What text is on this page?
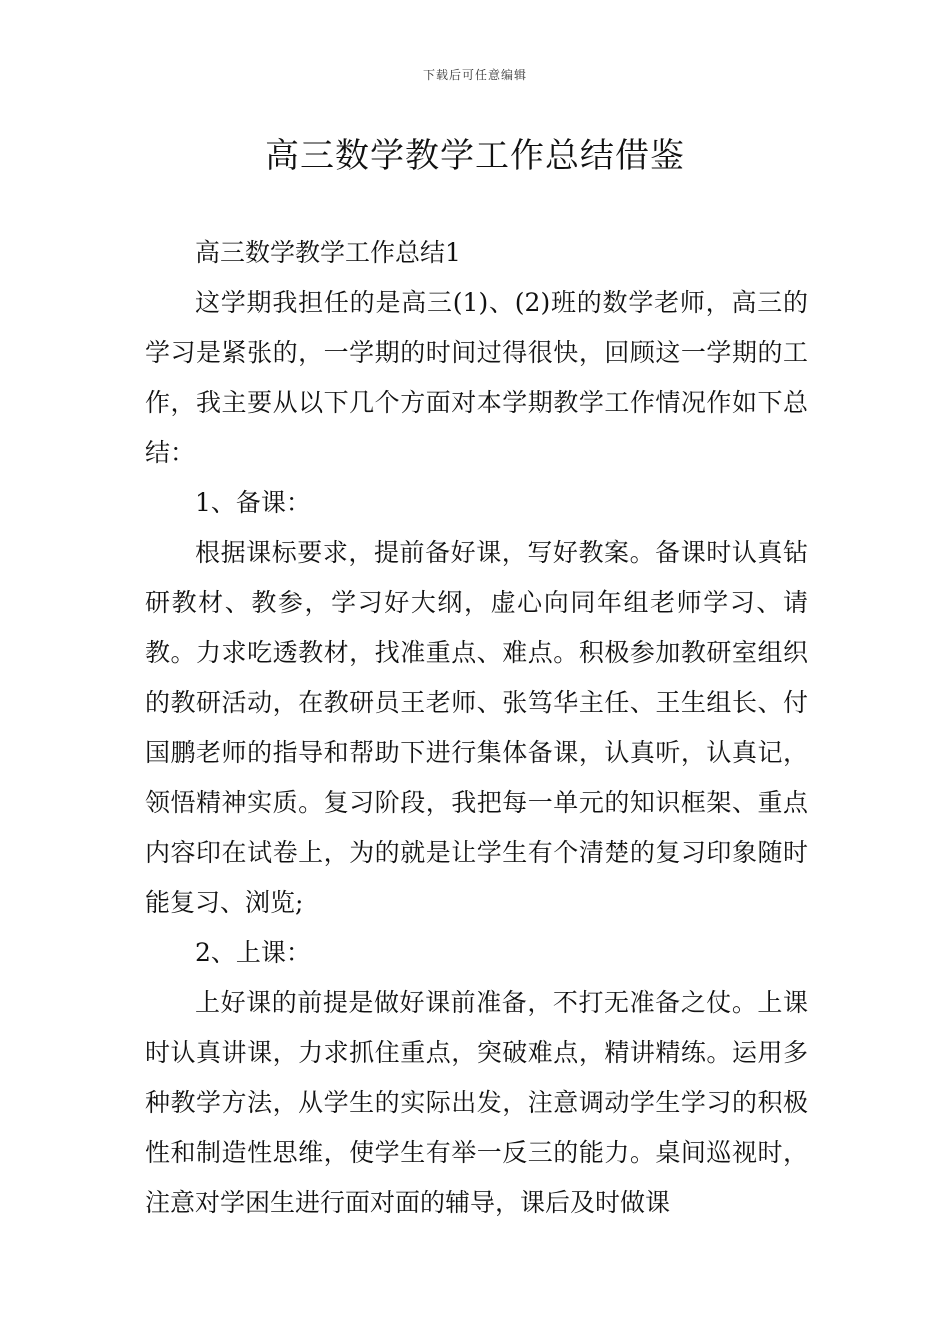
下载后可任意编辑
高三数学教学工作总结借鉴

高三数学教学工作总结1

这学期我担任的是高三(1)、(2)班的数学老师，高三的学习是紧张的，一学期的时间过得很快，回顾这一学期的工作，我主要从以下几个方面对本学期教学工作情况作如下总结：

1、备课：

根据课标要求，提前备好课，写好教案。备课时认真钻研教材、教参，学习好大纲，虚心向同年组老师学习、请教。力求吃透教材，找准重点、难点。积极参加教研室组织的教研活动，在教研员王老师、张笃华主任、王生组长、付国鹏老师的指导和帮助下进行集体备课，认真听，认真记，领悟精神实质。复习阶段，我把每一单元的知识框架、重点内容印在试卷上，为的就是让学生有个清楚的复习印象随时能复习、浏览;

2、上课：

上好课的前提是做好课前准备，不打无准备之仗。上课时认真讲课，力求抓住重点，突破难点，精讲精练。运用多种教学方法，从学生的实际出发，注意调动学生学习的积极性和制造性思维，使学生有举一反三的能力。桌间巡视时，注意对学困生进行面对面的辅导，课后及时做课
